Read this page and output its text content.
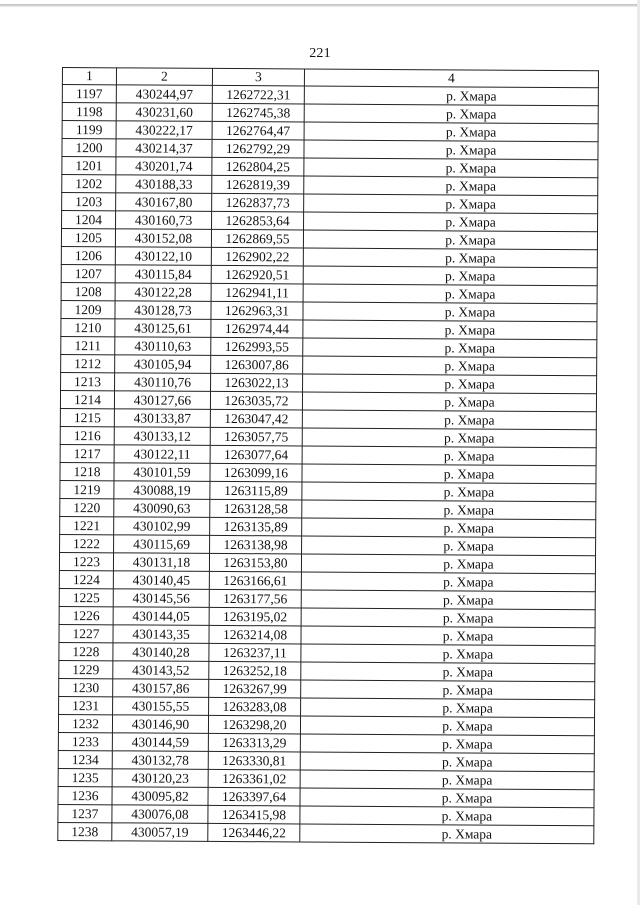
221
1	2	3	4
1197	430244,97	1262722,31	р. Хмара
1198	430231,60	1262745,38	р. Хмара
1199	430222,17	1262764,47	р. Хмара
1200	430214,37	1262792,29	р. Хмара
1201	430201,74	1262804,25	р. Хмара
1202	430188,33	1262819,39	р. Хмара
1203	430167,80	1262837,73	р. Хмара
1204	430160,73	1262853,64	р. Хмара
1205	430152,08	1262869,55	р. Хмара
1206	430122,10	1262902,22	р. Хмара
1207	430115,84	1262920,51	р. Хмара
1208	430122,28	1262941,11	р. Хмара
1209	430128,73	1262963,31	р. Хмара
1210	430125,61	1262974,44	р. Хмара
1211	430110,63	1262993,55	р. Хмара
1212	430105,94	1263007,86	р. Хмара
1213	430110,76	1263022,13	р. Хмара
1214	430127,66	1263035,72	р. Хмара
1215	430133,87	1263047,42	р. Хмара
1216	430133,12	1263057,75	р. Хмара
1217	430122,11	1263077,64	р. Хмара
1218	430101,59	1263099,16	р. Хмара
1219	430088,19	1263115,89	р. Хмара
1220	430090,63	1263128,58	р. Хмара
1221	430102,99	1263135,89	р. Хмара
1222	430115,69	1263138,98	р. Хмара
1223	430131,18	1263153,80	р. Хмара
1224	430140,45	1263166,61	р. Хмара
1225	430145,56	1263177,56	р. Хмара
1226	430144,05	1263195,02	р. Хмара
1227	430143,35	1263214,08	р. Хмара
1228	430140,28	1263237,11	р. Хмара
1229	430143,52	1263252,18	р. Хмара
1230	430157,86	1263267,99	р. Хмара
1231	430155,55	1263283,08	р. Хмара
1232	430146,90	1263298,20	р. Хмара
1233	430144,59	1263313,29	р. Хмара
1234	430132,78	1263330,81	р. Хмара
1235	430120,23	1263361,02	р. Хмара
1236	430095,82	1263397,64	р. Хмара
1237	430076,08	1263415,98	р. Хмара
1238	430057,19	1263446,22	р. Хмара
